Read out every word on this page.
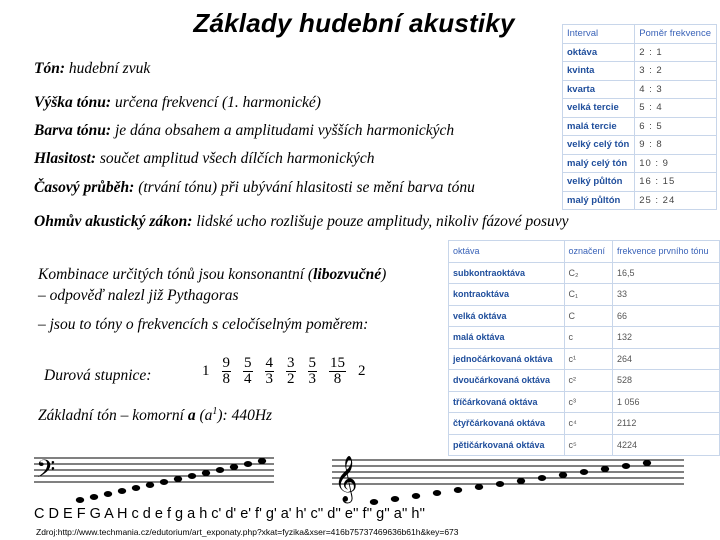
Základy hudební akustiky
Tón: hudební zvuk
Výška tónu: určena frekvencí (1. harmonické)
Barva tónu: je dána obsahem a amplitudami vyšších harmonických
Hlasitost: součet amplitud všech dílčích harmonických
Časový průběh: (trvání tónu) při ubývání hlasitosti se mění barva tónu
Ohmův akustický zákon: lidské ucho rozlišuje pouze amplitudy, nikoliv fázové posuvy
Interval	Poměr frekvence
oktáva	2 : 1
kvinta	3 : 2
kvarta	4 : 3
velká tercie	5 : 4
malá tercie	6 : 5
velký celý tón	9 : 8
malý celý tón	10 : 9
velký půltón	16 : 15
malý půltón	25 : 24
Kombinace určitých tónů jsou konsonantní (libozvučné)
– odpověď nalezl již Pythagoras
– jsou to tóny o frekvencích s celočíselným poměrem:
Durová stupnice:	$1 \frac{9}{8} \frac{5}{4} \frac{4}{3} \frac{3}{2} \frac{5}{3} \frac{15}{8} 2$
Základní tón – komorní a $(a^1)$: 440Hz
oktáva	označení	frekvence prvního tónu
subkontraoktáva	C₂	16,5
kontraoktáva	C₁	33
velká oktáva	C	66
malá oktáva	c	132
jednočárkovaná oktáva	c¹	264
dvoučárkovaná oktáva	c²	528
tříčárkovaná oktáva	c³	1 056
čtyřčárkovaná oktáva	c⁴	2112
pětičárkovaná oktáva	c⁵	4224
𝄢	𝄞
C D E F G A H c d e f g a h c' d' e' f' g' a' h' c'' d'' e'' f'' g'' a'' h''
Zdroj:http://www.techmania.cz/edutorium/art_exponaty.php?xkat=fyzika&xser=416b75737469636b61h&key=673
